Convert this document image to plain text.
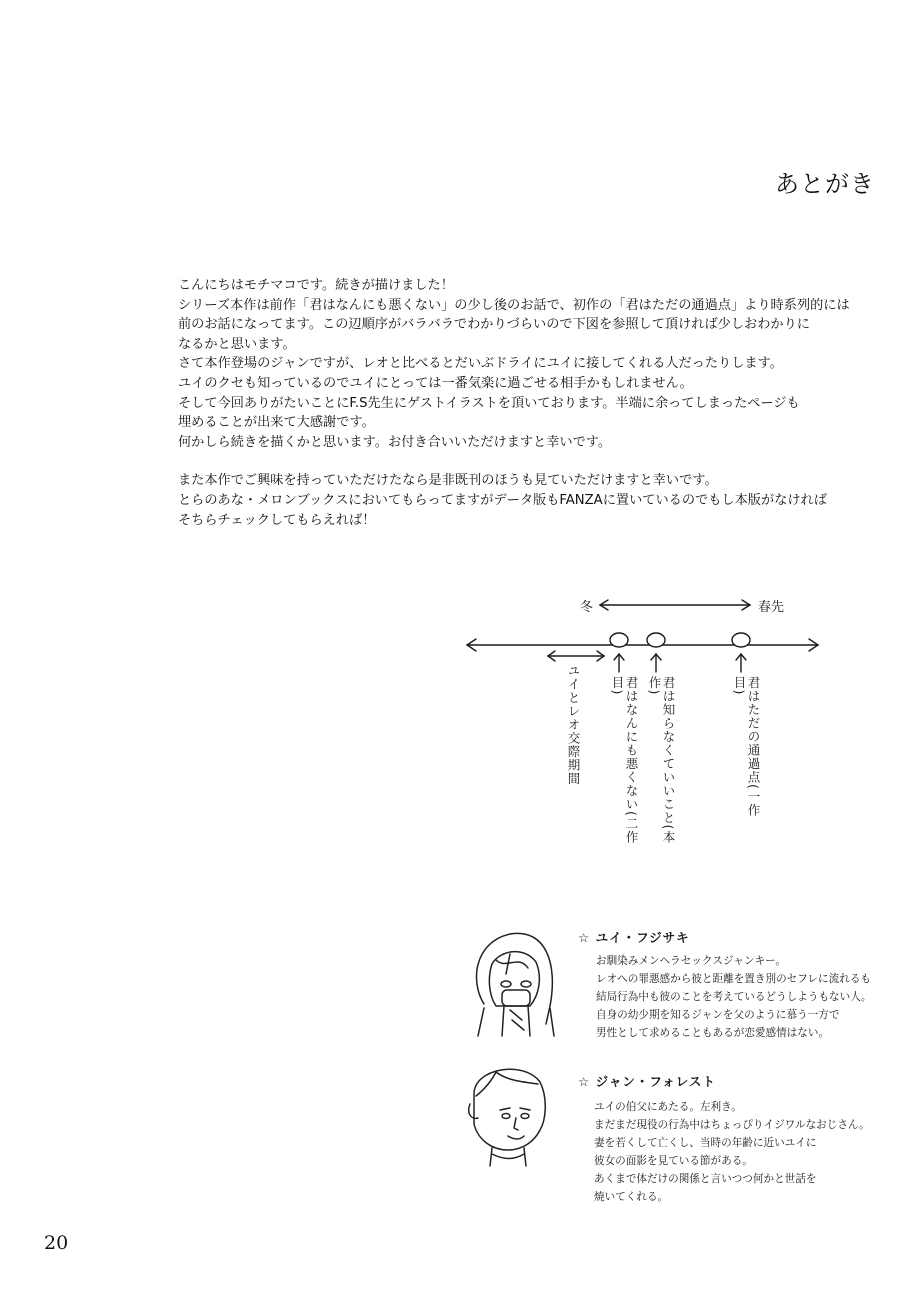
あとがき

こんにちはモチマコです。続きが描けました！

シリーズ本作は前作「君はなんにも悪くない」の少し後のお話で、初作の「君はただの通過点」より時系列的には

前のお話になってます。この辺順序がバラバラでわかりづらいので下図を参照して頂ければ少しおわかりに

なるかと思います。

さて本作登場のジャンですが、レオと比べるとだいぶドライにユイに接してくれる人だったりします。

ユイのクセも知っているのでユイにとっては一番気楽に過ごせる相手かもしれません。

そして今回ありがたいことにF.S先生にゲストイラストを頂いております。半端に余ってしまったページも

埋めることが出来て大感謝です。

何かしら続きを描くかと思います。お付き合いいただけますと幸いです。

また本作でご興味を持っていただけたなら是非既刊のほうも見ていただけますと幸いです。

とらのあな・メロンブックスにおいてもらってますがデータ版もFANZAに置いているのでもし本版がなければ

そちらチェックしてもらえれば！

冬	春先
ユイとレオ交際期間	君はなんにも悪くない(二作目)	君は知らなくていいこと(本作)	君はただの通過点(一作目)
☆ ユイ・フジサキ

お馴染みメンヘラセックスジャンキー。

レオへの罪悪感から彼と距離を置き別のセフレに流れるも

結局行為中も彼のことを考えているどうしようもない人。

自身の幼少期を知るジャンを父のように慕う一方で

男性として求めることもあるが恋愛感情はない。

☆ ジャン・フォレスト

ユイの伯父にあたる。左利き。

まだまだ現役の行為中はちょっぴりイジワルなおじさん。

妻を若くして亡くし、当時の年齢に近いユイに

彼女の面影を見ている節がある。

あくまで体だけの関係と言いつつ何かと世話を

焼いてくれる。

20
